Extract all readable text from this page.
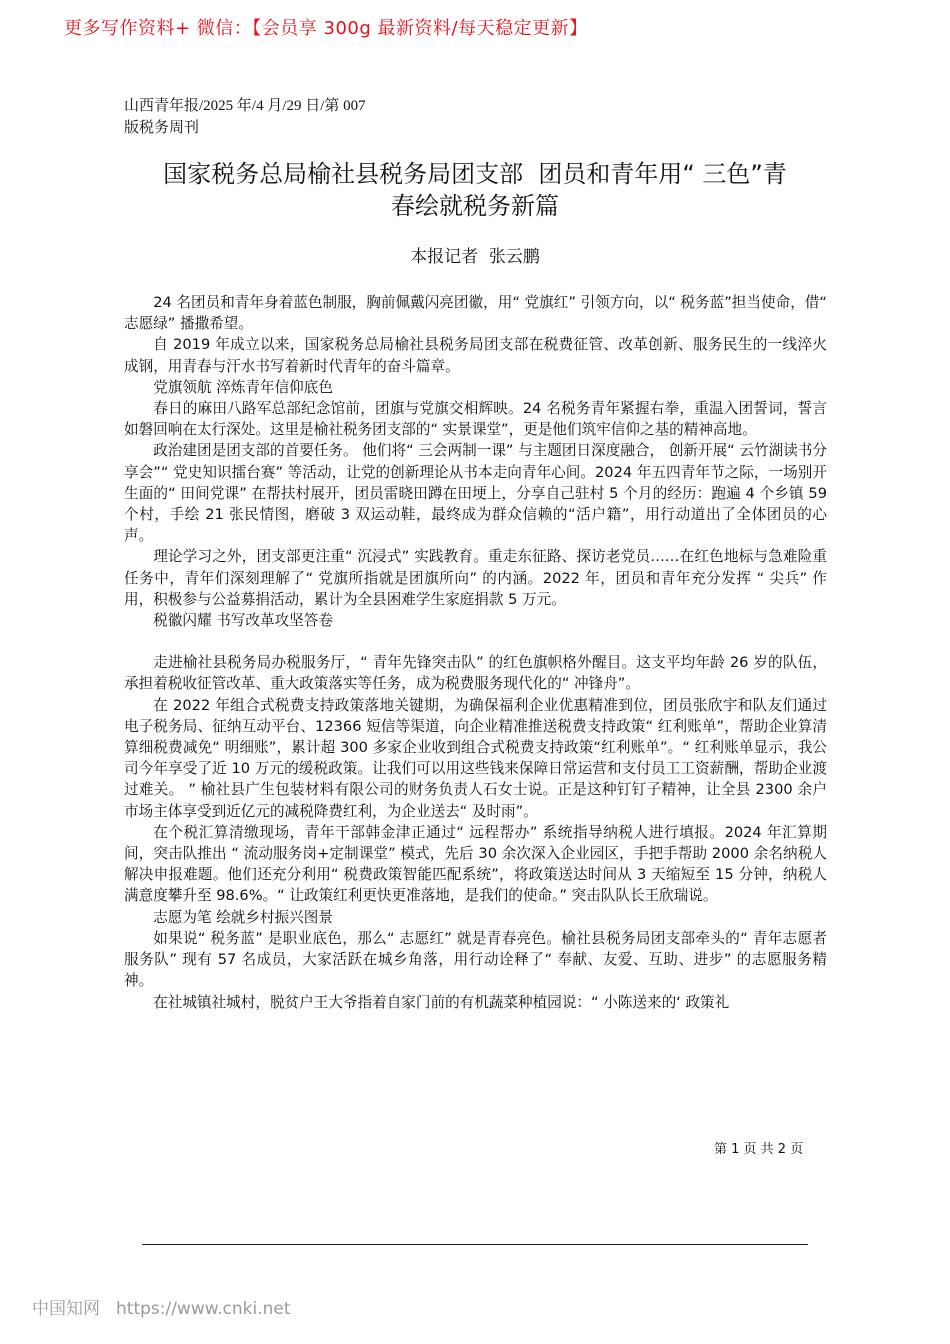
更多写作资料+ 微信：【会员享 300g 最新资料/每天稳定更新】
山西青年报/2025 年/4 月/29 日/第 007
版税务周刊
国家税务总局榆社县税务局团支部  团员和青年用“ 三色”青
春绘就税务新篇
本报记者  张云鹏

24 名团员和青年身着蓝色制服，胸前佩戴闪亮团徽，用“ 党旗红” 引领方向，以“ 税务蓝”担当使命，借“ 志愿绿” 播撒希望。

自 2019 年成立以来，国家税务总局榆社县税务局团支部在税费征管、改革创新、服务民生的一线淬火成钢，用青春与汗水书写着新时代青年的奋斗篇章。

党旗领航 淬炼青年信仰底色

春日的麻田八路军总部纪念馆前，团旗与党旗交相辉映。24 名税务青年紧握右拳，重温入团誓词，誓言如磐回响在太行深处。这里是榆社税务团支部的“ 实景课堂”，更是他们筑牢信仰之基的精神高地。

政治建团是团支部的首要任务。 他们将“ 三会两制一课” 与主题团日深度融合， 创新开展“ 云竹湖读书分享会”“ 党史知识擂台赛” 等活动，让党的创新理论从书本走向青年心间。2024 年五四青年节之际，一场别开生面的“ 田间党课” 在帮扶村展开，团员雷晓田蹲在田埂上，分享自己驻村 5 个月的经历：跑遍 4 个乡镇 59 个村，手绘 21 张民情图，磨破 3 双运动鞋，最终成为群众信赖的“活户籍”，用行动道出了全体团员的心声。

理论学习之外，团支部更注重“ 沉浸式” 实践教育。重走东征路、探访老党员……在红色地标与急难险重任务中，青年们深刻理解了“ 党旗所指就是团旗所向” 的内涵。2022 年，团员和青年充分发挥 “ 尖兵” 作用，积极参与公益募捐活动，累计为全县困难学生家庭捐款 5 万元。

税徽闪耀 书写改革攻坚答卷

走进榆社县税务局办税服务厅，“ 青年先锋突击队” 的红色旗帜格外醒目。这支平均年龄 26 岁的队伍，承担着税收征管改革、重大政策落实等任务，成为税费服务现代化的“ 冲锋舟”。

在 2022 年组合式税费支持政策落地关键期，为确保福利企业优惠精准到位，团员张欣宇和队友们通过电子税务局、征纳互动平台、12366 短信等渠道，向企业精准推送税费支持政策“ 红利账单”，帮助企业算清算细税费减免“ 明细账”，累计超 300 多家企业收到组合式税费支持政策“红利账单”。“ 红利账单显示，我公司今年享受了近 10 万元的缓税政策。让我们可以用这些钱来保障日常运营和支付员工工资薪酬，帮助企业渡过难关。 ” 榆社县广生包装材料有限公司的财务负责人石女士说。正是这种钉钉子精神，让全县 2300 余户市场主体享受到近亿元的减税降费红利，为企业送去“ 及时雨”。

在个税汇算清缴现场，青年干部韩金津正通过“ 远程帮办” 系统指导纳税人进行填报。2024 年汇算期间，突击队推出 “ 流动服务岗+定制课堂” 模式，先后 30 余次深入企业园区，手把手帮助 2000 余名纳税人解决申报难题。他们还充分利用“ 税费政策智能匹配系统”，将政策送达时间从 3 天缩短至 15 分钟，纳税人满意度攀升至 98.6%。“ 让政策红利更快更准落地，是我们的使命。” 突击队队长王欣瑞说。

志愿为笔 绘就乡村振兴图景

如果说“ 税务蓝” 是职业底色，那么“ 志愿红” 就是青春亮色。榆社县税务局团支部牵头的“ 青年志愿者服务队” 现有 57 名成员，大家活跃在城乡角落，用行动诠释了“ 奉献、友爱、互助、进步” 的志愿服务精神。

在社城镇社城村，脱贫户王大爷指着自家门前的有机蔬菜种植园说：“ 小陈送来的‘ 政策礼

第 1 页 共 2 页
中国知网 https://www.cnki.net
